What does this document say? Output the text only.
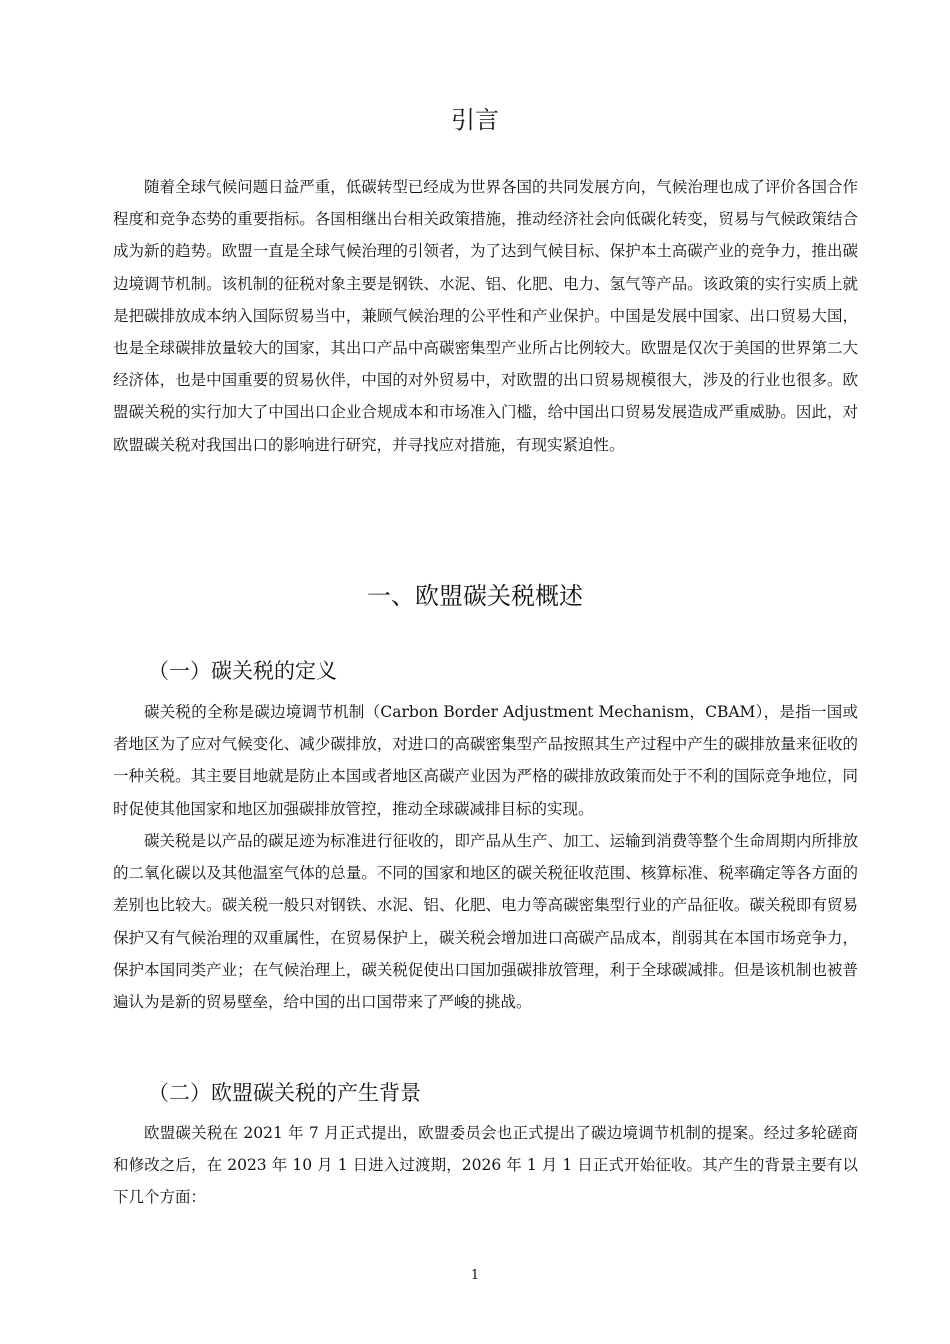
引言

随着全球气候问题日益严重，低碳转型已经成为世界各国的共同发展方向，气候治理也成了评价各国合作程度和竞争态势的重要指标。各国相继出台相关政策措施，推动经济社会向低碳化转变，贸易与气候政策结合成为新的趋势。欧盟一直是全球气候治理的引领者，为了达到气候目标、保护本土高碳产业的竞争力，推出碳边境调节机制。该机制的征税对象主要是钢铁、水泥、铝、化肥、电力、氢气等产品。该政策的实行实质上就是把碳排放成本纳入国际贸易当中，兼顾气候治理的公平性和产业保护。中国是发展中国家、出口贸易大国，也是全球碳排放量较大的国家，其出口产品中高碳密集型产业所占比例较大。欧盟是仅次于美国的世界第二大经济体，也是中国重要的贸易伙伴，中国的对外贸易中，对欧盟的出口贸易规模很大，涉及的行业也很多。欧盟碳关税的实行加大了中国出口企业合规成本和市场准入门槛，给中国出口贸易发展造成严重威胁。因此，对欧盟碳关税对我国出口的影响进行研究，并寻找应对措施，有现实紧迫性。

一、欧盟碳关税概述
（一）碳关税的定义

碳关税的全称是碳边境调节机制（Carbon Border Adjustment Mechanism，CBAM），是指一国或者地区为了应对气候变化、减少碳排放，对进口的高碳密集型产品按照其生产过程中产生的碳排放量来征收的一种关税。其主要目地就是防止本国或者地区高碳产业因为严格的碳排放政策而处于不利的国际竞争地位，同时促使其他国家和地区加强碳排放管控，推动全球碳减排目标的实现。

碳关税是以产品的碳足迹为标准进行征收的，即产品从生产、加工、运输到消费等整个生命周期内所排放的二氧化碳以及其他温室气体的总量。不同的国家和地区的碳关税征收范围、核算标准、税率确定等各方面的差别也比较大。碳关税一般只对钢铁、水泥、铝、化肥、电力等高碳密集型行业的产品征收。碳关税即有贸易保护又有气候治理的双重属性，在贸易保护上，碳关税会增加进口高碳产品成本，削弱其在本国市场竞争力，保护本国同类产业；在气候治理上，碳关税促使出口国加强碳排放管理，利于全球碳减排。但是该机制也被普遍认为是新的贸易壁垒，给中国的出口国带来了严峻的挑战。

（二）欧盟碳关税的产生背景

欧盟碳关税在 2021 年 7 月正式提出，欧盟委员会也正式提出了碳边境调节机制的提案。经过多轮磋商和修改之后，在 2023 年 10 月 1 日进入过渡期，2026 年 1 月 1 日正式开始征收。其产生的背景主要有以下几个方面：

1
